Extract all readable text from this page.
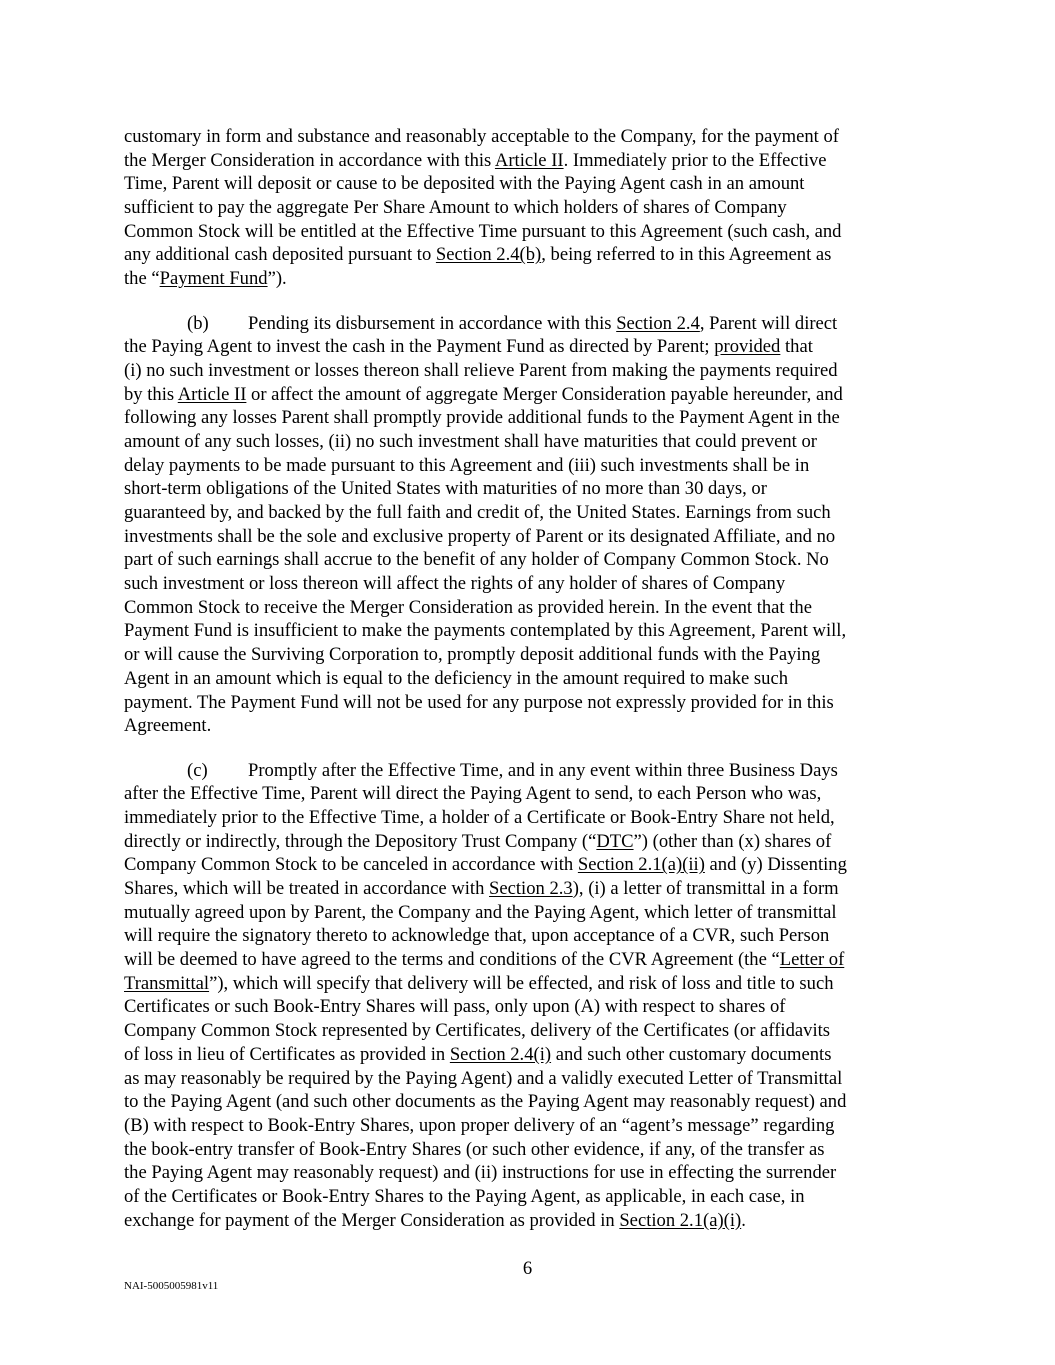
customary in form and substance and reasonably acceptable to the Company, for the payment of
the Merger Consideration in accordance with this Article II. Immediately prior to the Effective
Time, Parent will deposit or cause to be deposited with the Paying Agent cash in an amount
sufficient to pay the aggregate Per Share Amount to which holders of shares of Company
Common Stock will be entitled at the Effective Time pursuant to this Agreement (such cash, and
any additional cash deposited pursuant to Section 2.4(b), being referred to in this Agreement as
the “Payment Fund”).
(b) Pending its disbursement in accordance with this Section 2.4, Parent will direct
the Paying Agent to invest the cash in the Payment Fund as directed by Parent; provided that
(i) no such investment or losses thereon shall relieve Parent from making the payments required
by this Article II or affect the amount of aggregate Merger Consideration payable hereunder, and
following any losses Parent shall promptly provide additional funds to the Payment Agent in the
amount of any such losses, (ii) no such investment shall have maturities that could prevent or
delay payments to be made pursuant to this Agreement and (iii) such investments shall be in
short-term obligations of the United States with maturities of no more than 30 days, or
guaranteed by, and backed by the full faith and credit of, the United States. Earnings from such
investments shall be the sole and exclusive property of Parent or its designated Affiliate, and no
part of such earnings shall accrue to the benefit of any holder of Company Common Stock. No
such investment or loss thereon will affect the rights of any holder of shares of Company
Common Stock to receive the Merger Consideration as provided herein. In the event that the
Payment Fund is insufficient to make the payments contemplated by this Agreement, Parent will,
or will cause the Surviving Corporation to, promptly deposit additional funds with the Paying
Agent in an amount which is equal to the deficiency in the amount required to make such
payment. The Payment Fund will not be used for any purpose not expressly provided for in this
Agreement.
(c) Promptly after the Effective Time, and in any event within three Business Days
after the Effective Time, Parent will direct the Paying Agent to send, to each Person who was,
immediately prior to the Effective Time, a holder of a Certificate or Book-Entry Share not held,
directly or indirectly, through the Depository Trust Company (“DTC”) (other than (x) shares of
Company Common Stock to be canceled in accordance with Section 2.1(a)(ii) and (y) Dissenting
Shares, which will be treated in accordance with Section 2.3), (i) a letter of transmittal in a form
mutually agreed upon by Parent, the Company and the Paying Agent, which letter of transmittal
will require the signatory thereto to acknowledge that, upon acceptance of a CVR, such Person
will be deemed to have agreed to the terms and conditions of the CVR Agreement (the “Letter of
Transmittal”), which will specify that delivery will be effected, and risk of loss and title to such
Certificates or such Book-Entry Shares will pass, only upon (A) with respect to shares of
Company Common Stock represented by Certificates, delivery of the Certificates (or affidavits
of loss in lieu of Certificates as provided in Section 2.4(i) and such other customary documents
as may reasonably be required by the Paying Agent) and a validly executed Letter of Transmittal
to the Paying Agent (and such other documents as the Paying Agent may reasonably request) and
(B) with respect to Book-Entry Shares, upon proper delivery of an “agent’s message” regarding
the book-entry transfer of Book-Entry Shares (or such other evidence, if any, of the transfer as
the Paying Agent may reasonably request) and (ii) instructions for use in effecting the surrender
of the Certificates or Book-Entry Shares to the Paying Agent, as applicable, in each case, in
exchange for payment of the Merger Consideration as provided in Section 2.1(a)(i).
6
NAI-5005005981v11
